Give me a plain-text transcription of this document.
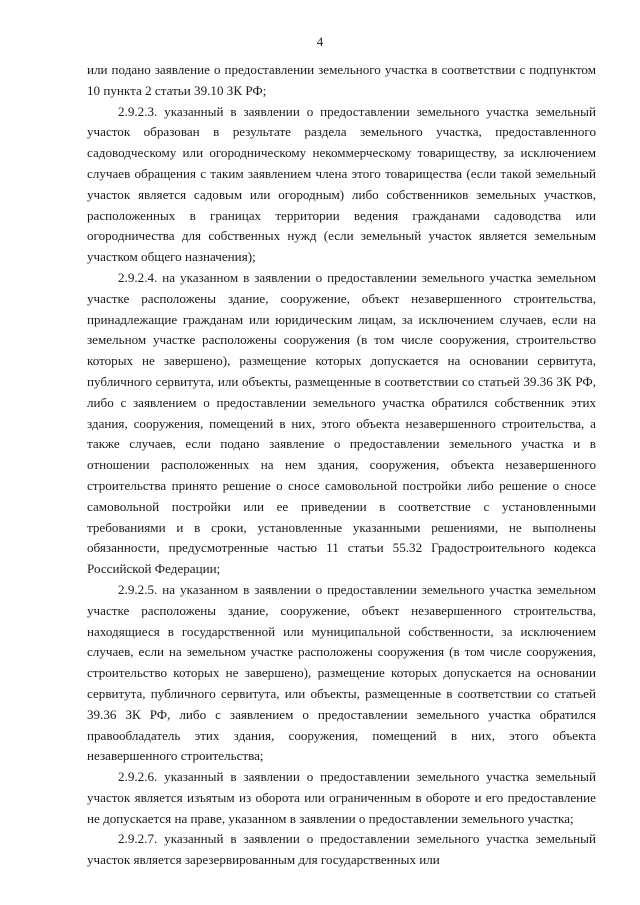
4

или подано заявление о предоставлении земельного участка в соответствии с подпунктом 10 пункта 2 статьи 39.10 ЗК РФ;

2.9.2.3. указанный в заявлении о предоставлении земельного участка земельный участок образован в результате раздела земельного участка, предоставленного садоводческому или огородническому некоммерческому товариществу, за исключением случаев обращения с таким заявлением члена этого товарищества (если такой земельный участок является садовым или огородным) либо собственников земельных участков, расположенных в границах территории ведения гражданами садоводства или огородничества для собственных нужд (если земельный участок является земельным участком общего назначения);

2.9.2.4. на указанном в заявлении о предоставлении земельного участка земельном участке расположены здание, сооружение, объект незавершенного строительства, принадлежащие гражданам или юридическим лицам, за исключением случаев, если на земельном участке расположены сооружения (в том числе сооружения, строительство которых не завершено), размещение которых допускается на основании сервитута, публичного сервитута, или объекты, размещенные в соответствии со статьей 39.36 ЗК РФ, либо с заявлением о предоставлении земельного участка обратился собственник этих здания, сооружения, помещений в них, этого объекта незавершенного строительства, а также случаев, если подано заявление о предоставлении земельного участка и в отношении расположенных на нем здания, сооружения, объекта незавершенного строительства принято решение о сносе самовольной постройки либо решение о сносе самовольной постройки или ее приведении в соответствие с установленными требованиями и в сроки, установленные указанными решениями, не выполнены обязанности, предусмотренные частью 11 статьи 55.32 Градостроительного кодекса Российской Федерации;

2.9.2.5. на указанном в заявлении о предоставлении земельного участка земельном участке расположены здание, сооружение, объект незавершенного строительства, находящиеся в государственной или муниципальной собственности, за исключением случаев, если на земельном участке расположены сооружения (в том числе сооружения, строительство которых не завершено), размещение которых допускается на основании сервитута, публичного сервитута, или объекты, размещенные в соответствии со статьей 39.36 ЗК РФ, либо с заявлением о предоставлении земельного участка обратился правообладатель этих здания, сооружения, помещений в них, этого объекта незавершенного строительства;

2.9.2.6. указанный в заявлении о предоставлении земельного участка земельный участок является изъятым из оборота или ограниченным в обороте и его предоставление не допускается на праве, указанном в заявлении о предоставлении земельного участка;

2.9.2.7. указанный в заявлении о предоставлении земельного участка земельный участок является зарезервированным для государственных или
